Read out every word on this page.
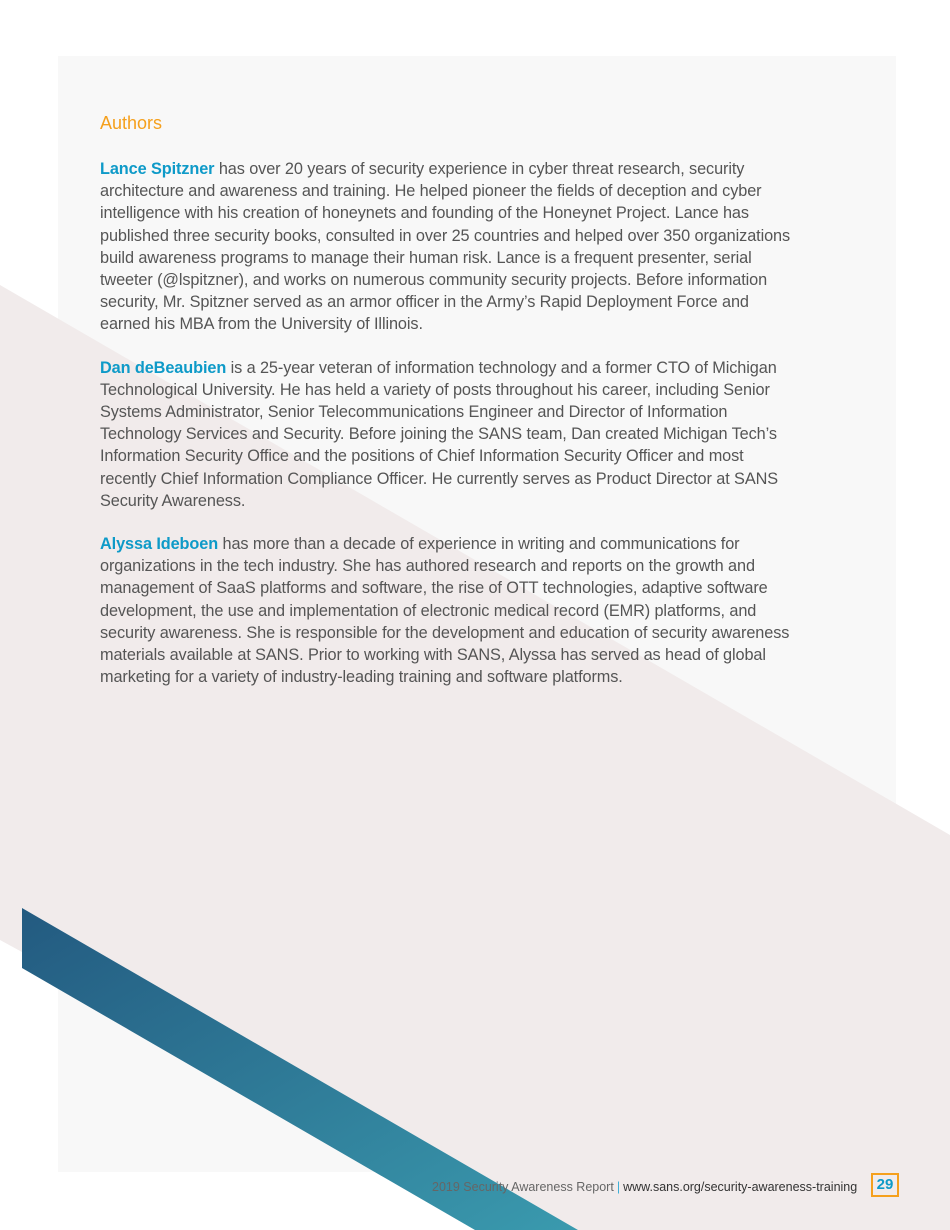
Authors

Lance Spitzner has over 20 years of security experience in cyber threat research, security architecture and awareness and training. He helped pioneer the fields of deception and cyber intelligence with his creation of honeynets and founding of the Honeynet Project. Lance has published three security books, consulted in over 25 countries and helped over 350 organizations build awareness programs to manage their human risk. Lance is a frequent presenter, serial tweeter (@lspitzner), and works on numerous community security projects. Before information security, Mr. Spitzner served as an armor officer in the Army’s Rapid Deployment Force and earned his MBA from the University of Illinois.

Dan deBeaubien is a 25-year veteran of information technology and a former CTO of Michigan Technological University. He has held a variety of posts throughout his career, including Senior Systems Administrator, Senior Telecommunications Engineer and Director of Information Technology Services and Security. Before joining the SANS team, Dan created Michigan Tech’s Information Security Office and the positions of Chief Information Security Officer and most recently Chief Information Compliance Officer. He currently serves as Product Director at SANS Security Awareness.

Alyssa Ideboen has more than a decade of experience in writing and communications for organizations in the tech industry. She has authored research and reports on the growth and management of SaaS platforms and software, the rise of OTT technologies, adaptive software development, the use and implementation of electronic medical record (EMR) platforms, and security awareness. She is responsible for the development and education of security awareness materials available at SANS. Prior to working with SANS, Alyssa has served as head of global marketing for a variety of industry-leading training and software platforms.

2019 Security Awareness Report | www.sans.org/security-awareness-training	29
